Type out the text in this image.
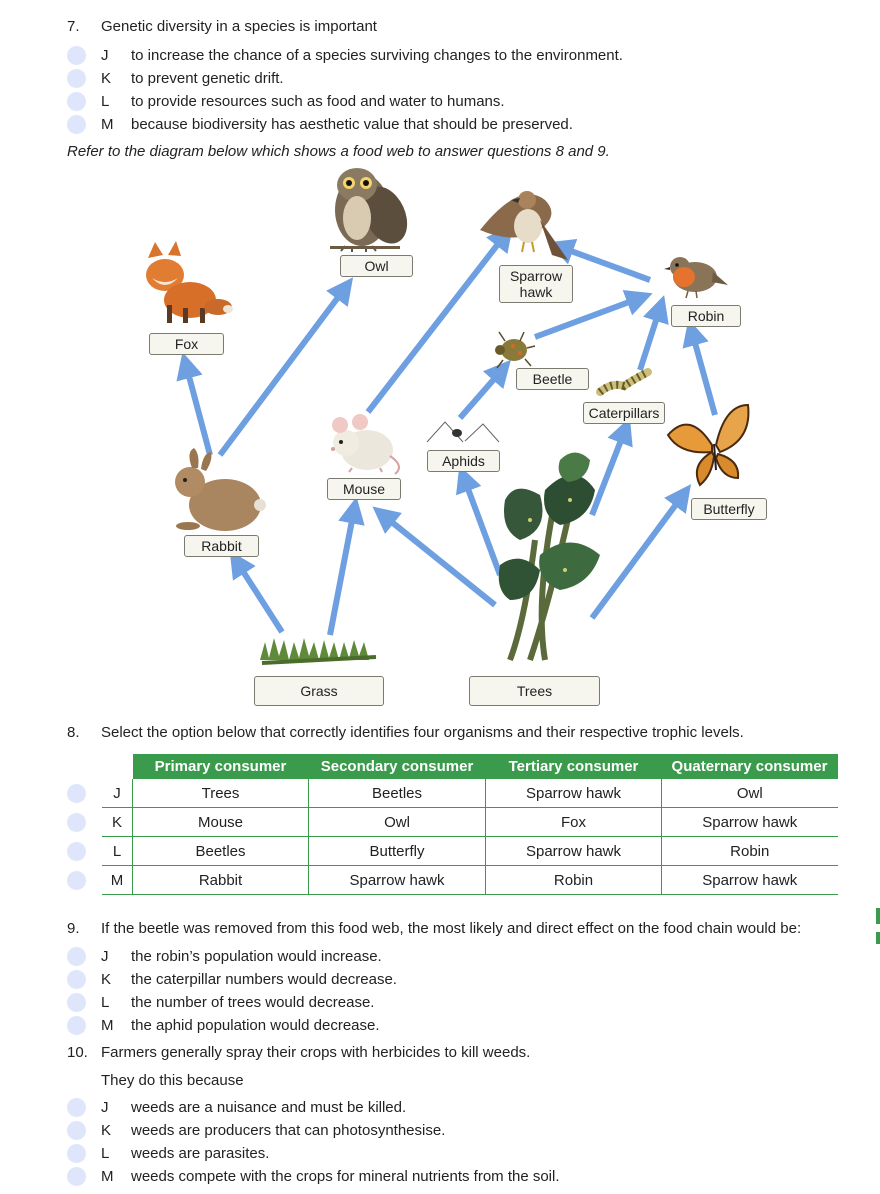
7. Genetic diversity in a species is important
J	to increase the chance of a species surviving changes to the environment.
K	to prevent genetic drift.
L	to provide resources such as food and water to humans.
M	because biodiversity has aesthetic value that should be preserved.
Refer to the diagram below which shows a food web to answer questions 8 and 9.
Owl
Sparrow hawk
Fox
Robin
Beetle
Caterpillars
Aphids
Mouse
Butterfly
Rabbit
Grass	Trees
8. Select the option below that correctly identifies four organisms and their respective trophic levels.
		Primary consumer	Secondary consumer	Tertiary consumer	Quaternary consumer
	J	Trees	Beetles	Sparrow hawk	Owl
	K	Mouse	Owl	Fox	Sparrow hawk
	L	Beetles	Butterfly	Sparrow hawk	Robin
	M	Rabbit	Sparrow hawk	Robin	Sparrow hawk
9. If the beetle was removed from this food web, the most likely and direct effect on the food chain would be:
J	the robin’s population would increase.
K	the caterpillar numbers would decrease.
L	the number of trees would decrease.
M	the aphid population would decrease.
10. Farmers generally spray their crops with herbicides to kill weeds.
They do this because
J	weeds are a nuisance and must be killed.
K	weeds are producers that can photosynthesise.
L	weeds are parasites.
M	weeds compete with the crops for mineral nutrients from the soil.
